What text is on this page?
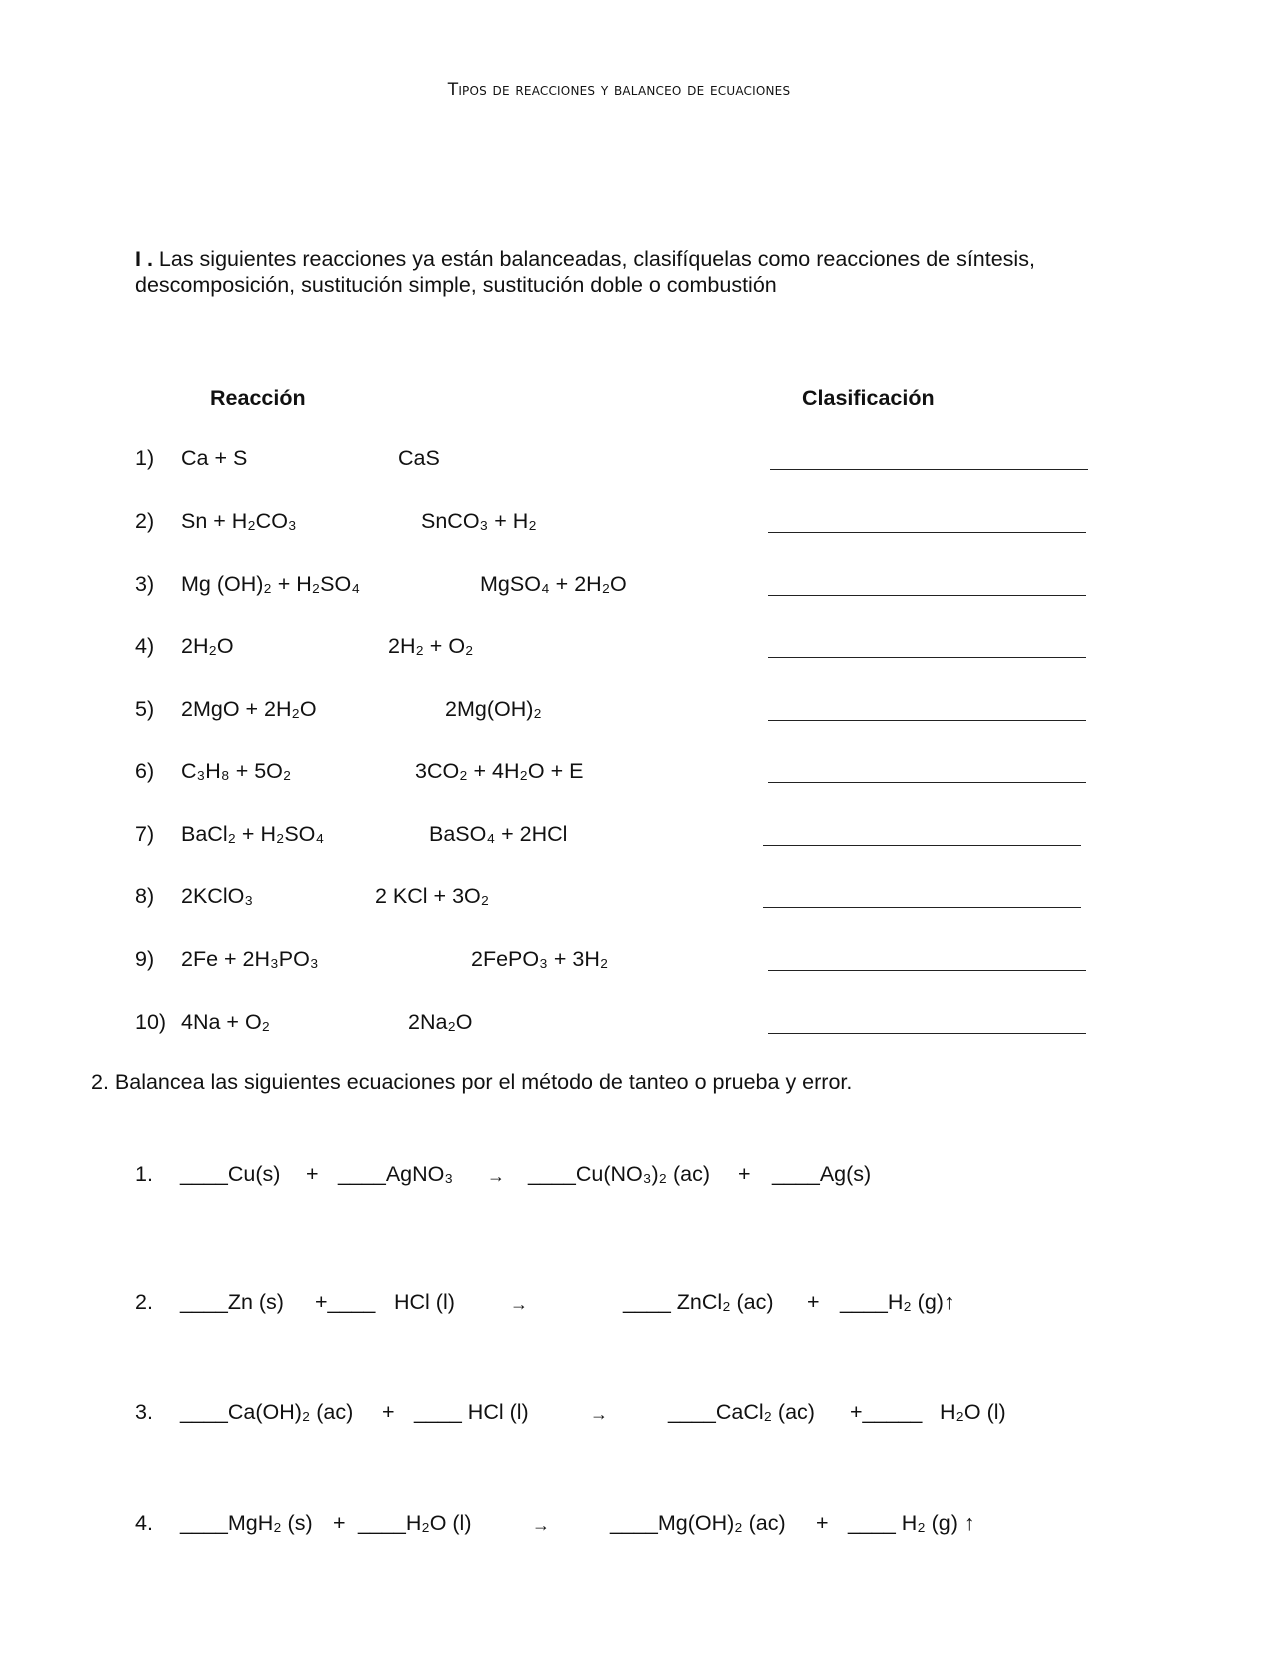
Tipos de reacciones y balanceo de ecuaciones
I . Las siguientes reacciones ya están balanceadas, clasifíquelas como reacciones de síntesis, descomposición, sustitución simple, sustitución doble o combustión
Reacción	Clasificación
1) Ca + S	CaS
2) Sn + H₂CO₃	SnCO₃ + H₂
3) Mg (OH)₂ + H₂SO₄	MgSO₄ + 2H₂O
4) 2H₂O	2H₂ + O₂
5) 2MgO + 2H₂O	2Mg(OH)₂
6) C₃H₈ + 5O₂	3CO₂ + 4H₂O + E
7) BaCl₂ + H₂SO₄	BaSO₄ + 2HCl
8) 2KClO₃	2 KCl + 3O₂
9) 2Fe + 2H₃PO₃	2FePO₃ + 3H₂
10) 4Na + O₂	2Na₂O
2. Balancea las siguientes ecuaciones por el método de tanteo o prueba y error.
1. ____Cu(s) + ____AgNO₃ → ____Cu(NO₃)₂ (ac) + ____Ag(s)
2. ____Zn (s) +____ HCl (l)	→	____ ZnCl₂ (ac) + ____H₂ (g)↑
3. ____Ca(OH)₂ (ac) + ____ HCl (l)	→	____CaCl₂ (ac) +_____ H₂O (l)
4. ____MgH₂ (s) + ____H₂O (l)	→	____Mg(OH)₂ (ac) + ____ H₂ (g) ↑
